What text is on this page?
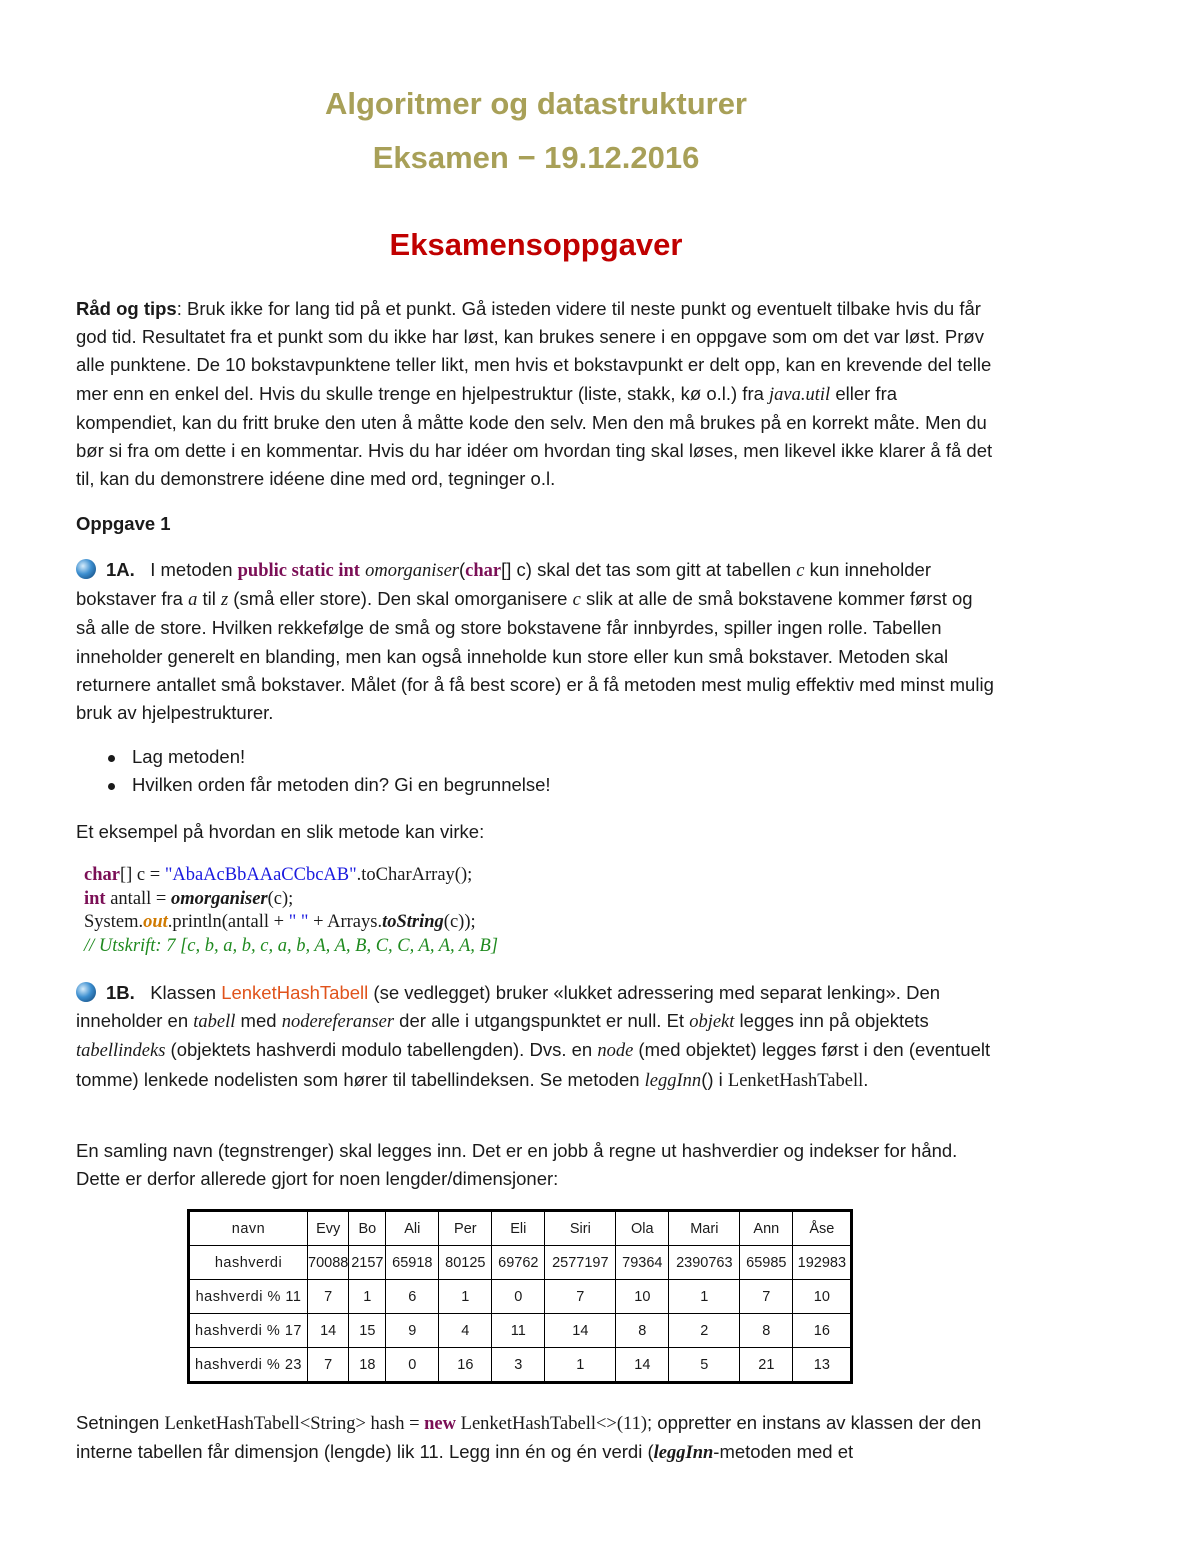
Algoritmer og datastrukturer
Eksamen − 19.12.2016
Eksamensoppgaver

Råd og tips: Bruk ikke for lang tid på et punkt. Gå isteden videre til neste punkt og eventuelt tilbake hvis du får god tid. Resultatet fra et punkt som du ikke har løst, kan brukes senere i en oppgave som om det var løst. Prøv alle punktene. De 10 bokstavpunktene teller likt, men hvis et bokstavpunkt er delt opp, kan en krevende del telle mer enn en enkel del. Hvis du skulle trenge en hjelpestruktur (liste, stakk, kø o.l.) fra java.util eller fra kompendiet, kan du fritt bruke den uten å måtte kode den selv. Men den må brukes på en korrekt måte. Men du bør si fra om dette i en kommentar. Hvis du har idéer om hvordan ting skal løses, men likevel ikke klarer å få det til, kan du demonstrere idéene dine med ord, tegninger o.l.

Oppgave 1

1A. I metoden public static int omorganiser(char[] c) skal det tas som gitt at tabellen c kun inneholder bokstaver fra a til z (små eller store). Den skal omorganisere c slik at alle de små bokstavene kommer først og så alle de store. Hvilken rekkefølge de små og store bokstavene får innbyrdes, spiller ingen rolle. Tabellen inneholder generelt en blanding, men kan også inneholde kun store eller kun små bokstaver. Metoden skal returnere antallet små bokstaver. Målet (for å få best score) er å få metoden mest mulig effektiv med minst mulig bruk av hjelpestrukturer.

Lag metoden!
Hvilken orden får metoden din? Gi en begrunnelse!

Et eksempel på hvordan en slik metode kan virke:

char[] c = "AbaAcBbAAaCCbcAB".toCharArray();
int antall = omorganiser(c);
System.out.println(antall + " " + Arrays.toString(c));
// Utskrift: 7 [c, b, a, b, c, a, b, A, A, B, C, C, A, A, A, B]

1B. Klassen LenketHashTabell (se vedlegget) bruker «lukket adressering med separat lenking». Den inneholder en tabell med nodereferanser der alle i utgangspunktet er null. Et objekt legges inn på objektets tabellindeks (objektets hashverdi modulo tabellengden). Dvs. en node (med objektet) legges først i den (eventuelt tomme) lenkede nodelisten som hører til tabellindeksen. Se metoden leggInn() i LenketHashTabell.

En samling navn (tegnstrenger) skal legges inn. Det er en jobb å regne ut hashverdier og indekser for hånd. Dette er derfor allerede gjort for noen lengder/dimensjoner:

navn	Evy	Bo	Ali	Per	Eli	Siri	Ola	Mari	Ann	Åse
hashverdi	70088	2157	65918	80125	69762	2577197	79364	2390763	65985	192983
hashverdi % 11	7	1	6	1	0	7	10	1	7	10
hashverdi % 17	14	15	9	4	11	14	8	2	8	16
hashverdi % 23	7	18	0	16	3	1	14	5	21	13

Setningen LenketHashTabell<String> hash = new LenketHashTabell<>(11); oppretter en instans av klassen der den interne tabellen får dimensjon (lengde) lik 11. Legg inn én og én verdi (leggInn-metoden med et
